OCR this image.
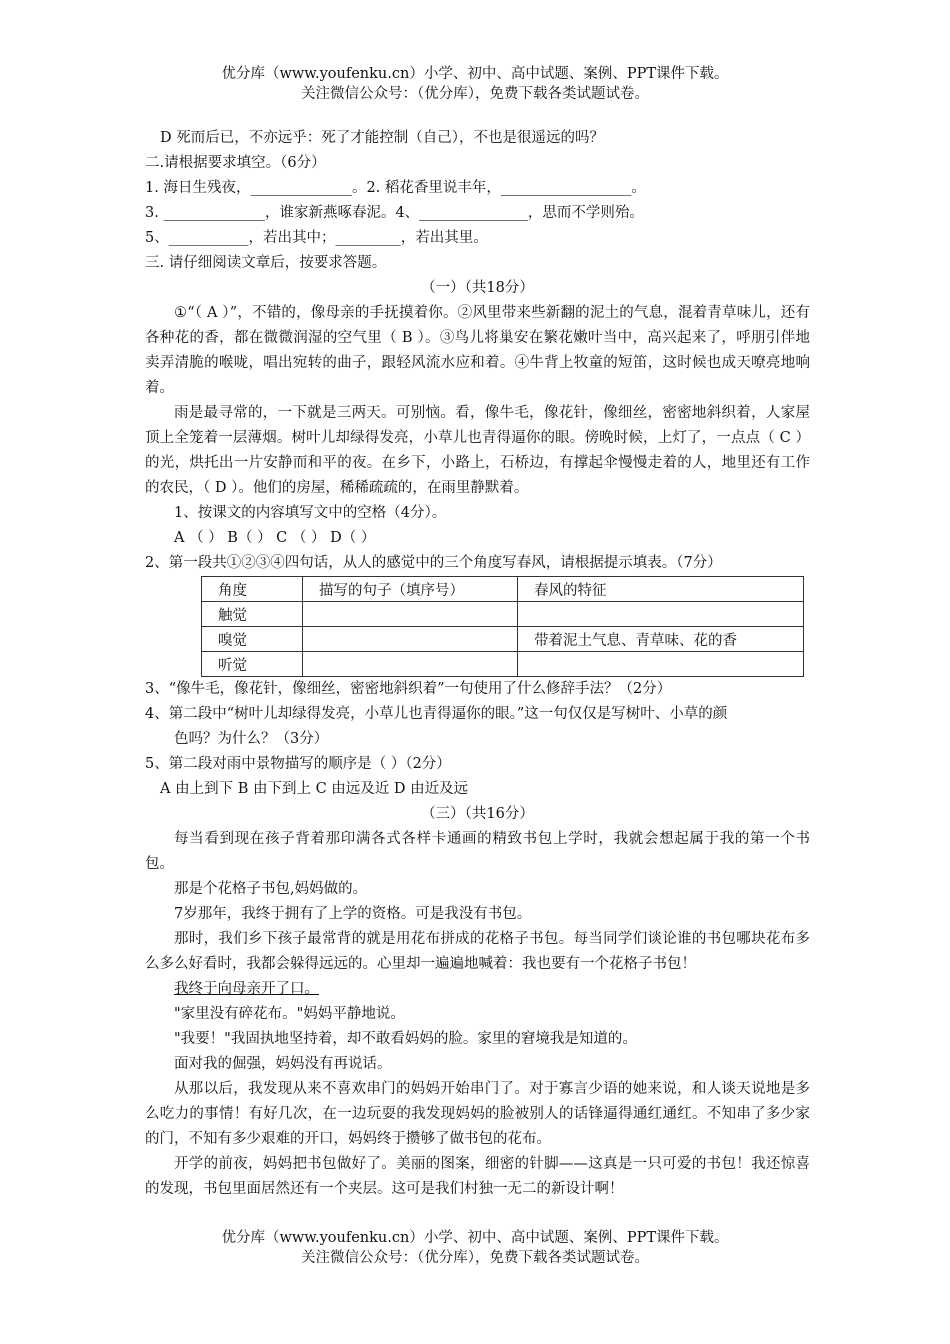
优分库（www.youfenku.cn）小学、初中、高中试题、案例、PPT课件下载。
关注微信公众号：（优分库），免费下载各类试题试卷。
D 死而后已，不亦远乎：死了才能控制（自己），不也是很遥远的吗？
二.请根据要求填空。（6分）
1. 海日生残夜，______________。2. 稻花香里说丰年，__________________。
3. ______________，谁家新燕啄春泥。4、_______________，思而不学则殆。
5、___________，若出其中；_________，若出其里。
三. 请仔细阅读文章后，按要求答题。
（一）（共18分）
①“（ A ）”，不错的，像母亲的手抚摸着你。②风里带来些新翻的泥土的气息，混着青草味儿，还有各种花的香，都在微微润湿的空气里（ B ）。③鸟儿将巢安在繁花嫩叶当中，高兴起来了，呼朋引伴地卖弄清脆的喉咙，唱出宛转的曲子，跟轻风流水应和着。④牛背上牧童的短笛，这时候也成天嘹亮地响着。
雨是最寻常的，一下就是三两天。可别恼。看，像牛毛，像花针，像细丝，密密地斜织着，人家屋顶上全笼着一层薄烟。树叶儿却绿得发亮，小草儿也青得逼你的眼。傍晚时候，上灯了，一点点（ C ）的光，烘托出一片安静而和平的夜。在乡下，小路上，石桥边，有撑起伞慢慢走着的人，地里还有工作的农民，（ D ）。他们的房屋，稀稀疏疏的，在雨里静默着。
1、按课文的内容填写文中的空格（4分）。
A （ ） B（ ） C （ ） D（ ）
2、第一段共①②③④四句话，从人的感觉中的三个角度写春风，请根据提示填表。（7分）
角度	描写的句子（填序号）	春风的特征
触觉		
嗅觉		带着泥土气息、青草味、花的香
听觉		
3、“像牛毛，像花针，像细丝，密密地斜织着”一句使用了什么修辞手法？（2分）
4、第二段中“树叶儿却绿得发亮，小草儿也青得逼你的眼。”这一句仅仅是写树叶、小草的颜
色吗？为什么？（3分）
5、第二段对雨中景物描写的顺序是（ ）（2分）
A 由上到下 B 由下到上 C 由远及近 D 由近及远
（三）（共16分）
每当看到现在孩子背着那印满各式各样卡通画的精致书包上学时，我就会想起属于我的第一个书包。
那是个花格子书包,妈妈做的。
7岁那年，我终于拥有了上学的资格。可是我没有书包。
那时，我们乡下孩子最常背的就是用花布拼成的花格子书包。每当同学们谈论谁的书包哪块花布多么多么好看时，我都会躲得远远的。心里却一遍遍地喊着：我也要有一个花格子书包！
我终于向母亲开了口。
"家里没有碎花布。"妈妈平静地说。
"我要！"我固执地坚持着，却不敢看妈妈的脸。家里的窘境我是知道的。
面对我的倔强，妈妈没有再说话。
从那以后，我发现从来不喜欢串门的妈妈开始串门了。对于寡言少语的她来说，和人谈天说地是多么吃力的事情！有好几次，在一边玩耍的我发现妈妈的脸被别人的话锋逼得通红通红。不知串了多少家的门，不知有多少艰难的开口，妈妈终于攒够了做书包的花布。
开学的前夜，妈妈把书包做好了。美丽的图案，细密的针脚——这真是一只可爱的书包！我还惊喜的发现，书包里面居然还有一个夹层。这可是我们村独一无二的新设计啊！
优分库（www.youfenku.cn）小学、初中、高中试题、案例、PPT课件下载。
关注微信公众号：（优分库），免费下载各类试题试卷。
